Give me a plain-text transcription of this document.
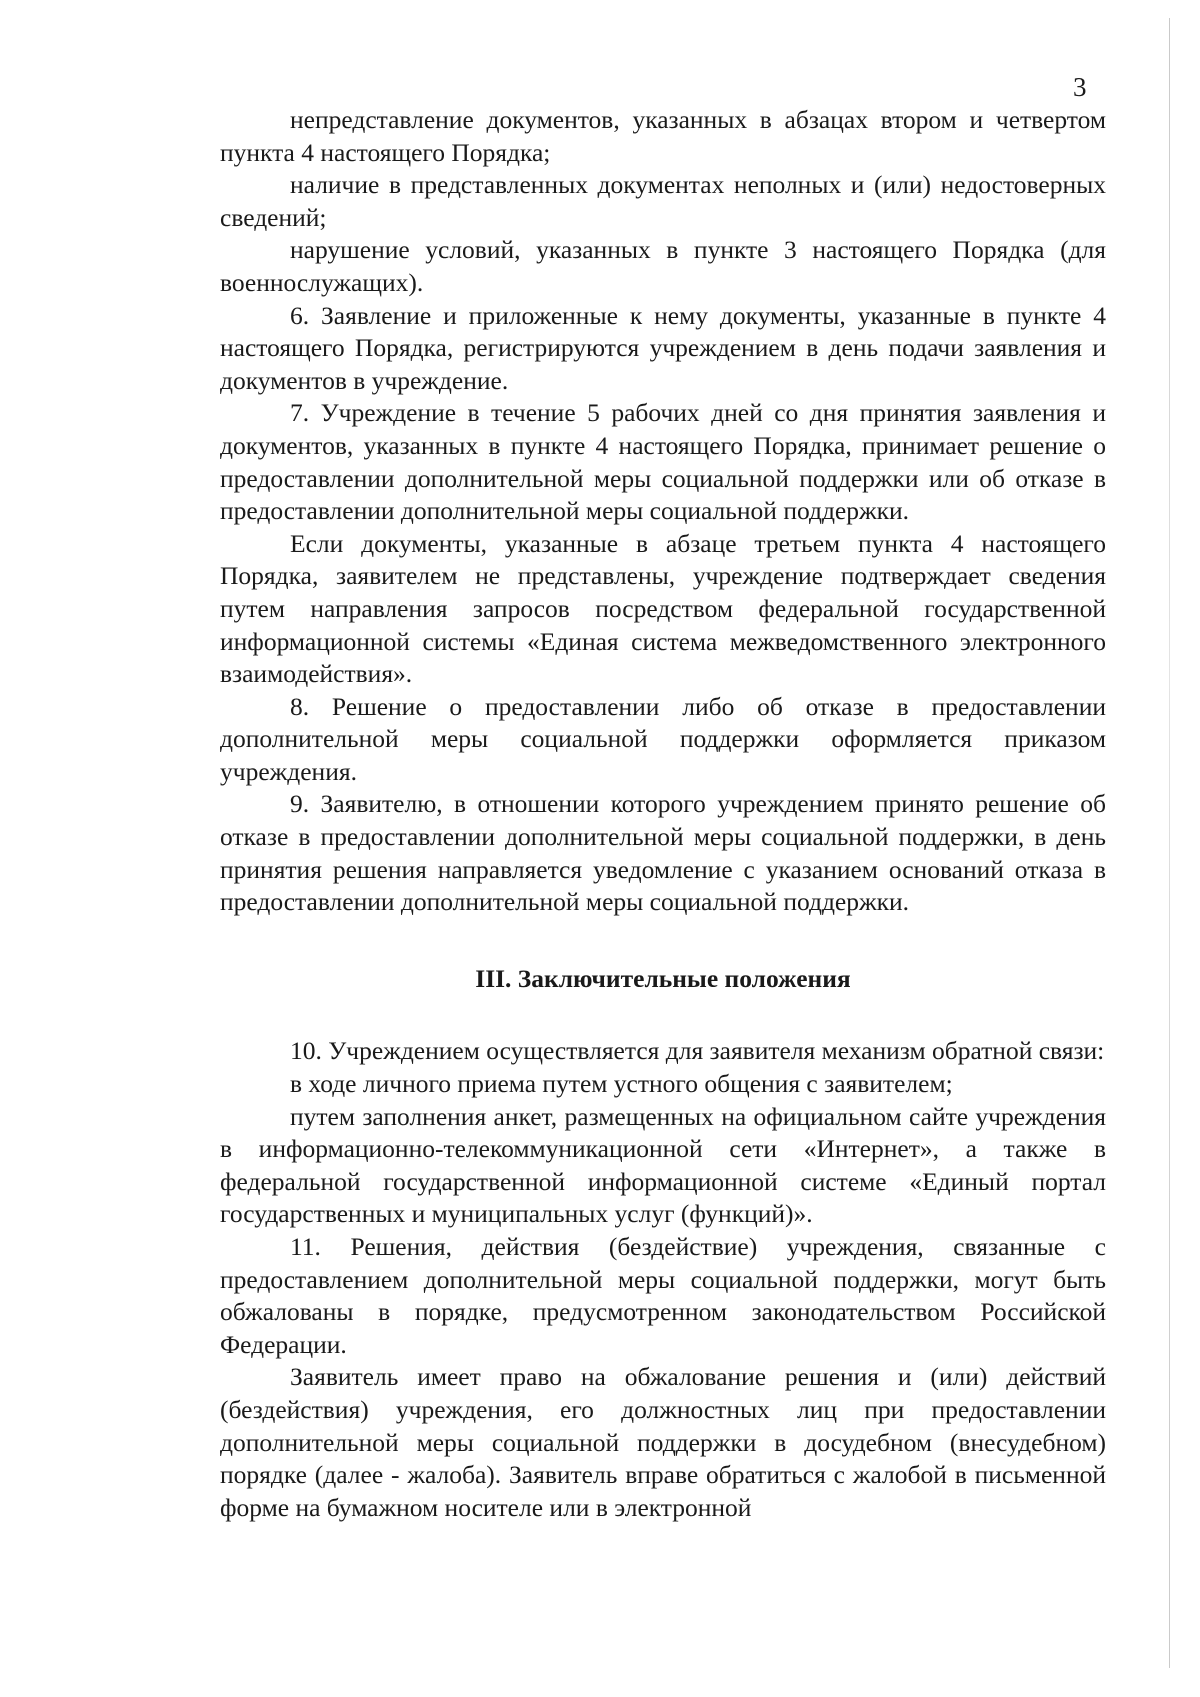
3

непредставление документов, указанных в абзацах втором и четвертом пункта 4 настоящего Порядка;

наличие в представленных документах неполных и (или) недостоверных сведений;

нарушение условий, указанных в пункте 3 настоящего Порядка (для военнослужащих).

6. Заявление и приложенные к нему документы, указанные в пункте 4 настоящего Порядка, регистрируются учреждением в день подачи заявления и документов в учреждение.

7. Учреждение в течение 5 рабочих дней со дня принятия заявления и документов, указанных в пункте 4 настоящего Порядка, принимает решение о предоставлении дополнительной меры социальной поддержки или об отказе в предоставлении дополнительной меры социальной поддержки.

Если документы, указанные в абзаце третьем пункта 4 настоящего Порядка, заявителем не представлены, учреждение подтверждает сведения путем направления запросов посредством федеральной государственной информационной системы «Единая система межведомственного электронного взаимодействия».

8. Решение о предоставлении либо об отказе в предоставлении дополнительной меры социальной поддержки оформляется приказом учреждения.

9. Заявителю, в отношении которого учреждением принято решение об отказе в предоставлении дополнительной меры социальной поддержки, в день принятия решения направляется уведомление с указанием оснований отказа в предоставлении дополнительной меры социальной поддержки.

III. Заключительные положения

10. Учреждением осуществляется для заявителя механизм обратной связи:

в ходе личного приема путем устного общения с заявителем;

путем заполнения анкет, размещенных на официальном сайте учреждения в информационно-телекоммуникационной сети «Интернет», а также в федеральной государственной информационной системе «Единый портал государственных и муниципальных услуг (функций)».

11. Решения, действия (бездействие) учреждения, связанные с предоставлением дополнительной меры социальной поддержки, могут быть обжалованы в порядке, предусмотренном законодательством Российской Федерации.

Заявитель имеет право на обжалование решения и (или) действий (бездействия) учреждения, его должностных лиц при предоставлении дополнительной меры социальной поддержки в досудебном (внесудебном) порядке (далее - жалоба). Заявитель вправе обратиться с жалобой в письменной форме на бумажном носителе или в электронной
